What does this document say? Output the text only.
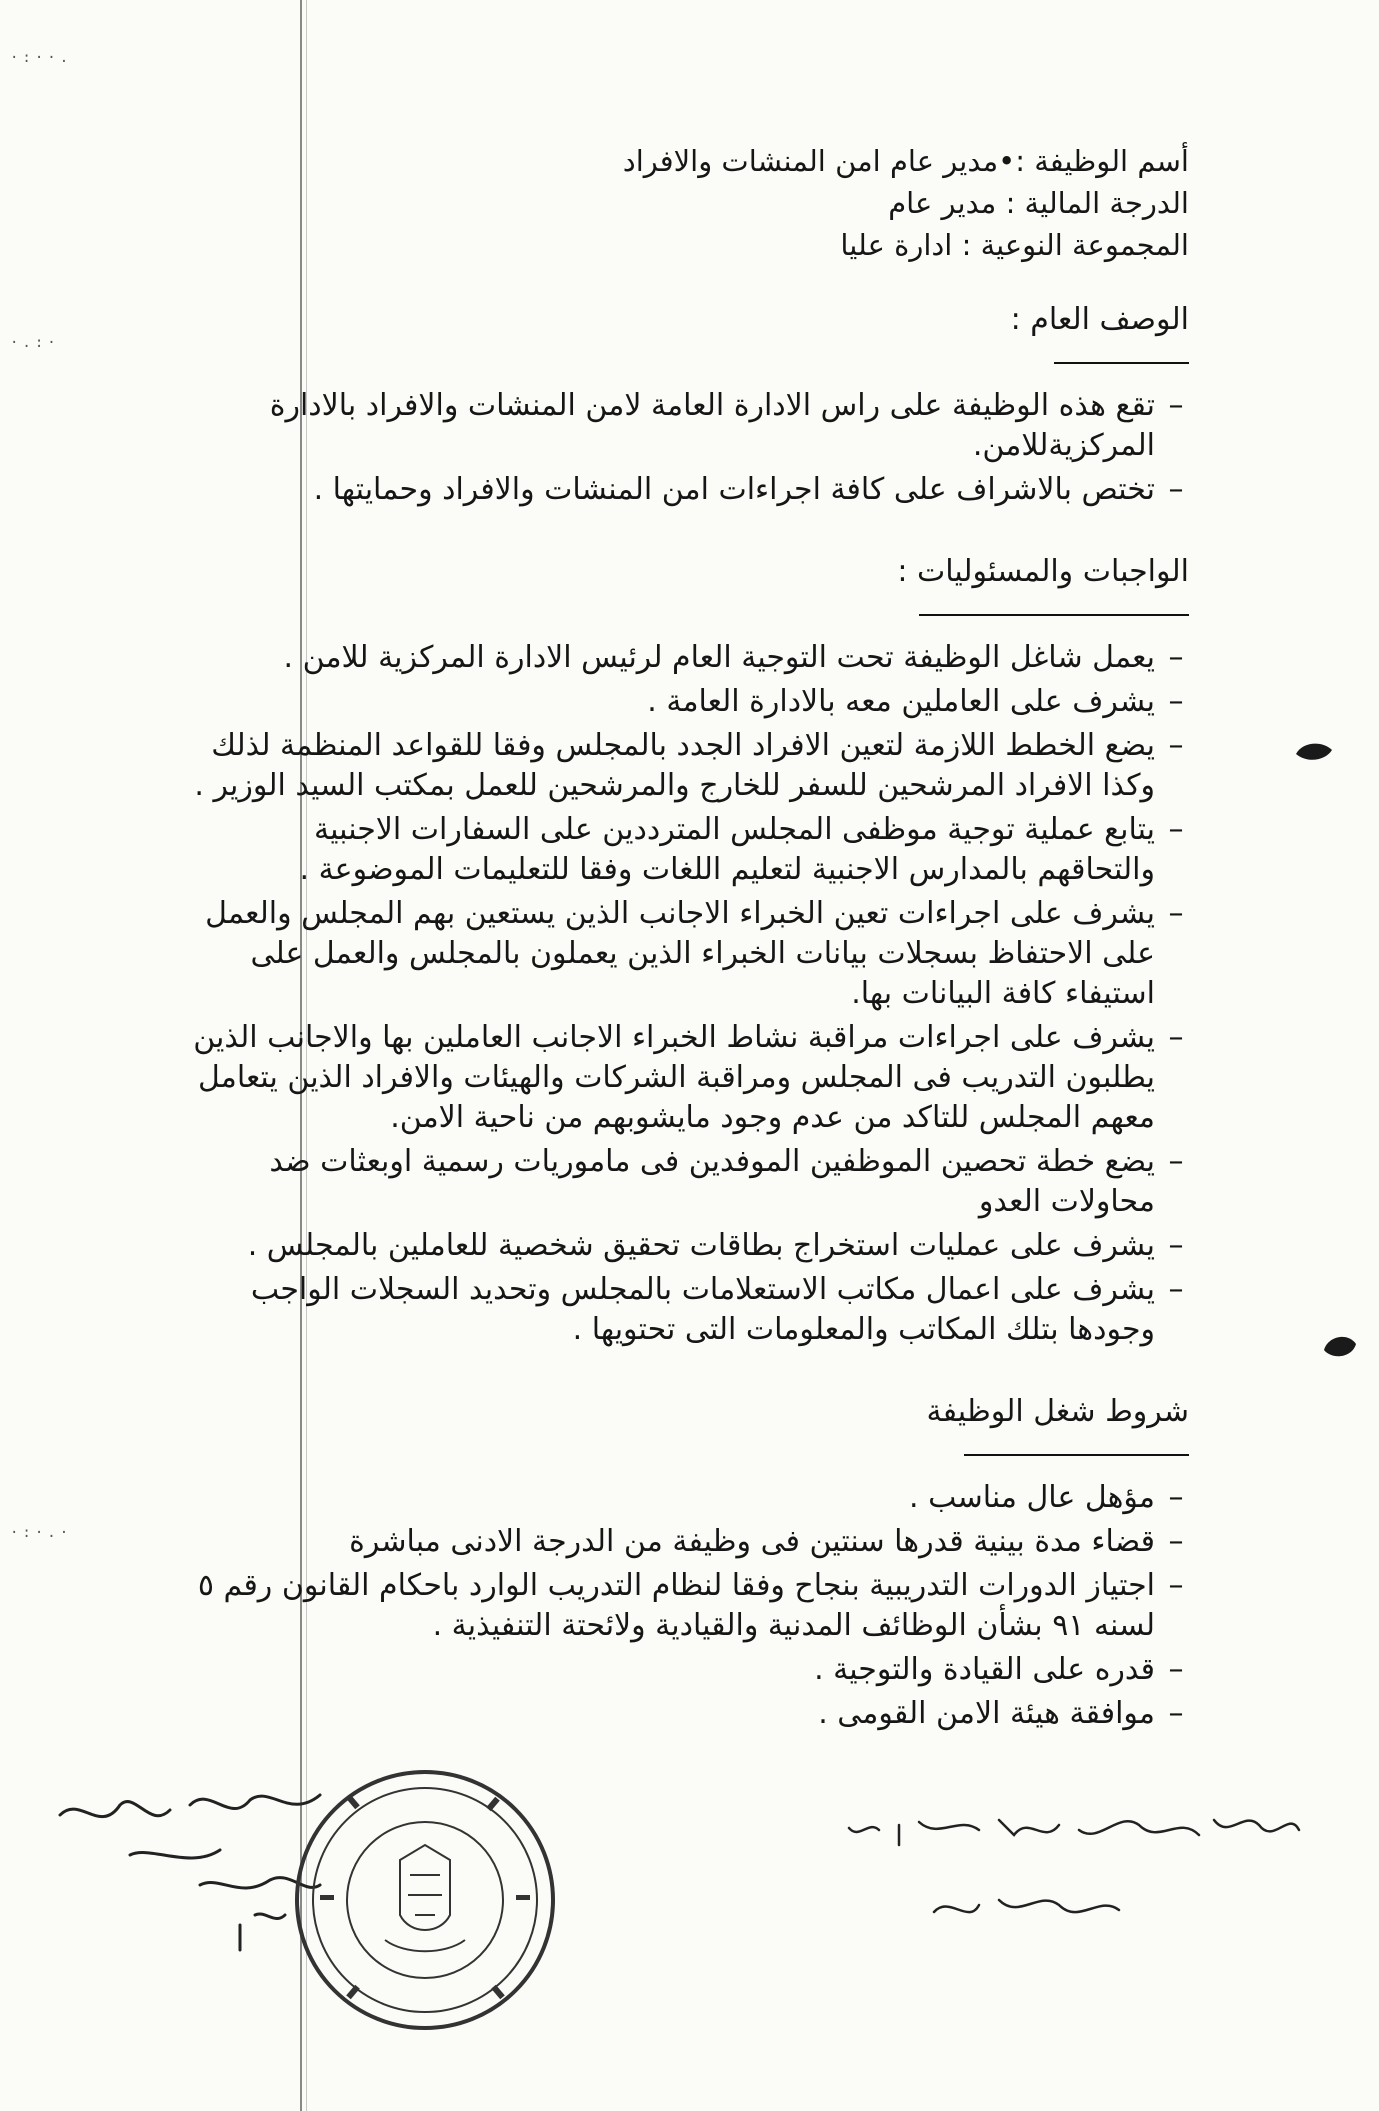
·:··.
·.:·
·:·.·
أسم الوظيفة :•مدير عام امن المنشات والافراد
الدرجة المالية : مدير عام
المجموعة النوعية : ادارة عليا
الوصف العام :
–
تقع هذه الوظيفة على راس الادارة العامة لامن المنشات والافراد بالادارة المركزيةللامن.
–
تختص بالاشراف على كافة اجراءات امن المنشات والافراد وحمايتها .
الواجبات والمسئوليات :
–
يعمل شاغل الوظيفة تحت التوجية العام لرئيس الادارة المركزية للامن .
–
يشرف على العاملين معه بالادارة العامة .
–
يضع الخطط اللازمة لتعين الافراد الجدد بالمجلس وفقا للقواعد المنظمة لذلك وكذا الافراد المرشحين للسفر للخارج والمرشحين للعمل بمكتب السيد الوزير .
–
يتابع عملية توجية موظفى المجلس المترددين على السفارات الاجنبية والتحاقهم بالمدارس الاجنبية لتعليم اللغات وفقا للتعليمات الموضوعة .
–
يشرف على اجراءات تعين الخبراء الاجانب الذين يستعين بهم المجلس والعمل على الاحتفاظ بسجلات بيانات الخبراء الذين يعملون بالمجلس والعمل على استيفاء كافة البيانات بها.
–
يشرف على اجراءات مراقبة نشاط الخبراء الاجانب العاملين بها والاجانب الذين يطلبون التدريب فى المجلس ومراقبة الشركات والهيئات والافراد الذين يتعامل معهم المجلس للتاكد من عدم وجود مايشوبهم من ناحية الامن.
–
يضع خطة تحصين الموظفين الموفدين فى ماموريات رسمية اوبعثات ضد محاولات العدو
–
يشرف على عمليات استخراج بطاقات تحقيق شخصية للعاملين بالمجلس .
–
يشرف على اعمال مكاتب الاستعلامات بالمجلس وتحديد السجلات الواجب وجودها بتلك المكاتب والمعلومات التى تحتويها .
شروط شغل الوظيفة
–
مؤهل عال مناسب .
–
قضاء مدة بينية قدرها سنتين فى وظيفة من الدرجة الادنى مباشرة
–
اجتياز الدورات التدريبية بنجاح وفقا لنظام التدريب الوارد باحكام القانون رقم ٥ لسنه ٩١ بشأن الوظائف المدنية والقيادية ولائحتة التنفيذية .
–
قدره على القيادة والتوجية .
–
موافقة هيئة الامن القومى .
